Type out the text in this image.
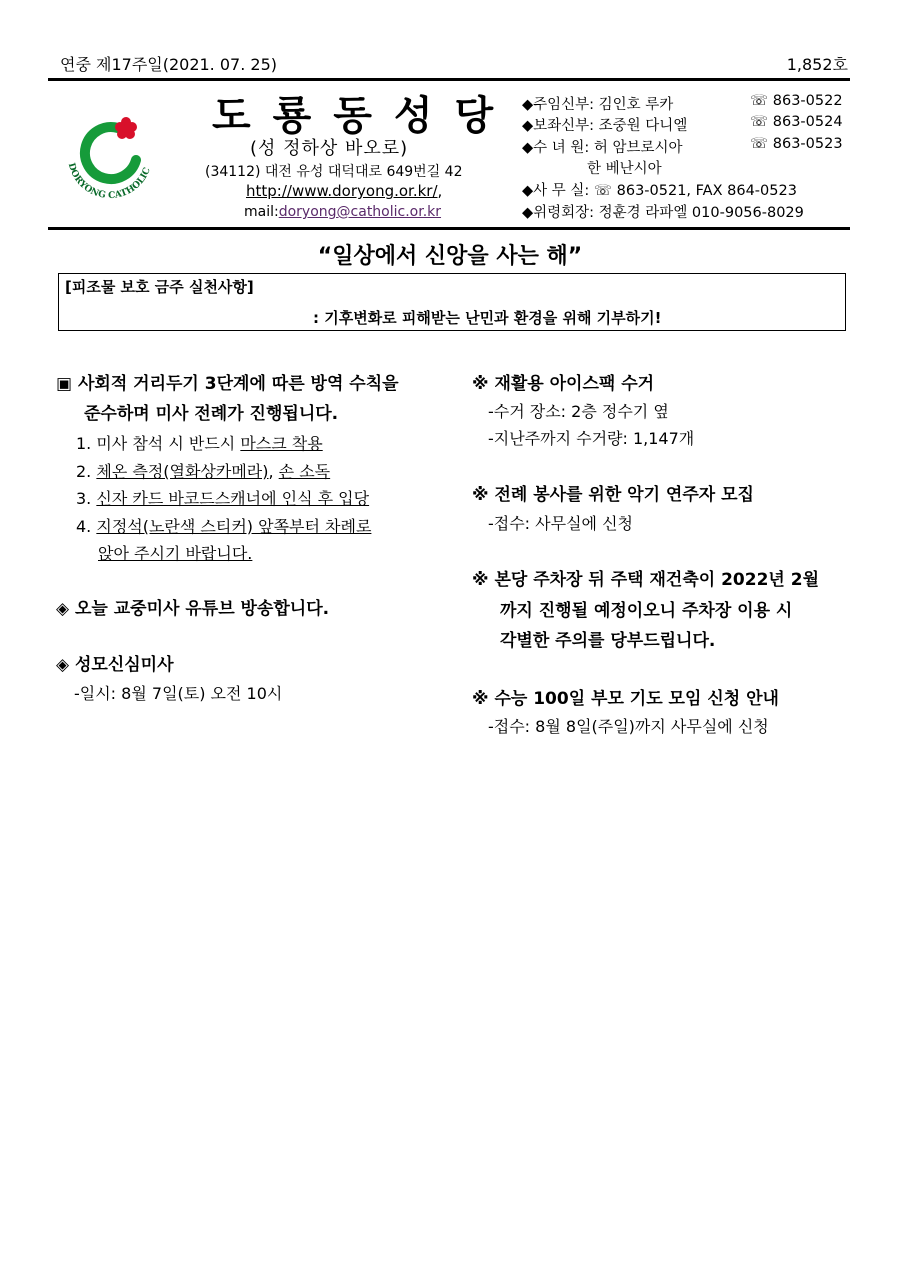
연중 제17주일(2021. 07. 25)	1,852호
DORYONG CATHOLIC
도룡동성당
(성 정하상 바오로)
(34112) 대전 유성 대덕대로 649번길 42
http://www.doryong.or.kr/,
mail:doryong@catholic.or.kr
◆주임신부: 김인호 루카	☏ 863-0522
◆보좌신부: 조중원 다니엘	☏ 863-0524
◆수 녀 원: 허 암브로시아	☏ 863-0523
한 베난시아
◆사 무 실: ☏ 863-0521, FAX 864-0523
◆위령회장: 정훈경 라파엘 010-9056-8029
“일상에서 신앙을 사는 해”
[피조물 보호 금주 실천사항]
: 기후변화로 피해받는 난민과 환경을 위해 기부하기!
▣ 사회적 거리두기 3단계에 따른 방역 수칙을
준수하며 미사 전례가 진행됩니다.
1. 미사 참석 시 반드시 마스크 착용
2. 체온 측정(열화상카메라), 손 소독
3. 신자 카드 바코드스캐너에 인식 후 입당
4. 지정석(노란색 스티커) 앞쪽부터 차례로
앉아 주시기 바랍니다.
◈ 오늘 교중미사 유튜브 방송합니다.
◈ 성모신심미사
-일시: 8월 7일(토) 오전 10시
※ 재활용 아이스팩 수거
-수거 장소: 2층 정수기 옆
-지난주까지 수거량: 1,147개
※ 전례 봉사를 위한 악기 연주자 모집
-접수: 사무실에 신청
※ 본당 주차장 뒤 주택 재건축이 2022년 2월
까지 진행될 예정이오니 주차장 이용 시
각별한 주의를 당부드립니다.
※ 수능 100일 부모 기도 모임 신청 안내
-접수: 8월 8일(주일)까지 사무실에 신청
